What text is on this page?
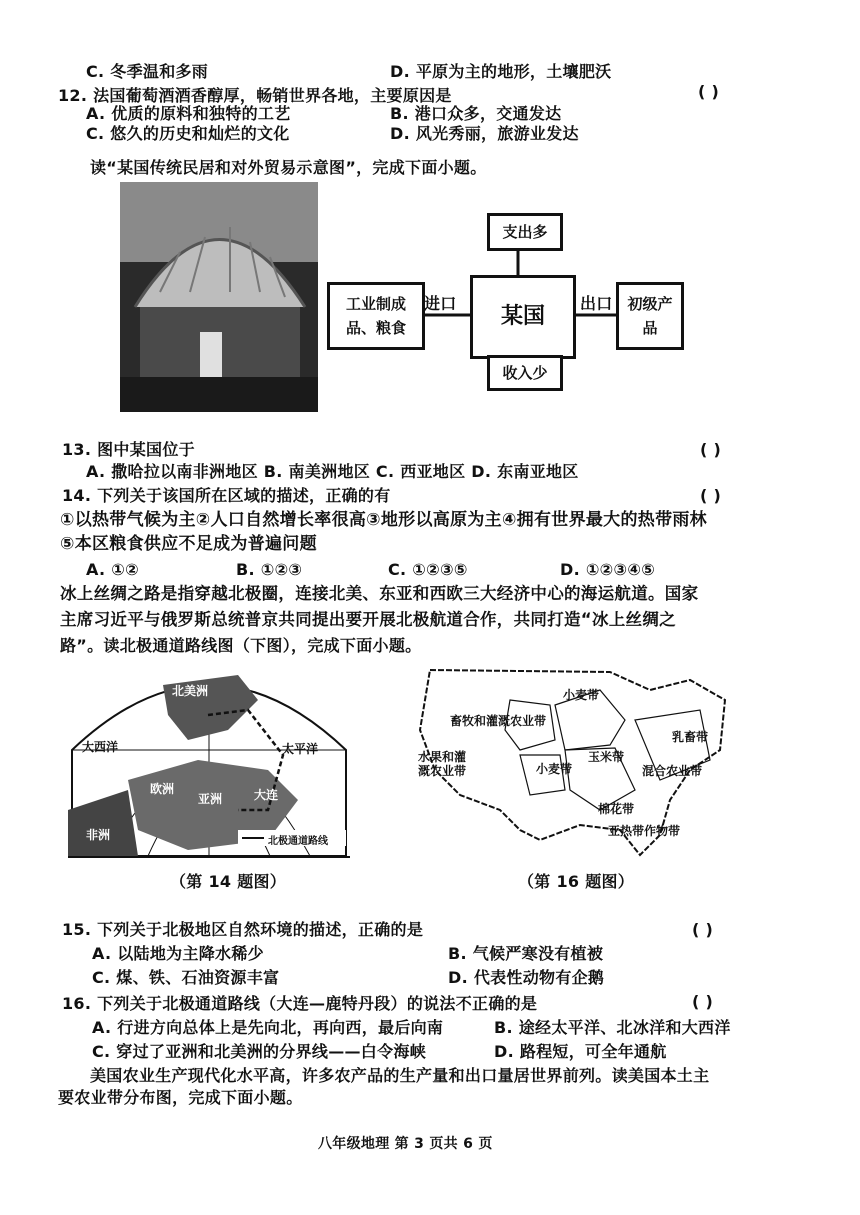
C. 冬季温和多雨	D. 平原为主的地形，土壤肥沃
12. 法国葡萄酒酒香醇厚，畅销世界各地，主要原因是	( )
A. 优质的原料和独特的工艺	B. 港口众多，交通发达
C. 悠久的历史和灿烂的文化	D. 风光秀丽，旅游业发达
读“某国传统民居和对外贸易示意图”，完成下面小题。
支出多
某国
收入少
工业制成品、粮食
进口	出口 初级产品
13. 图中某国位于	( )
A. 撒哈拉以南非洲地区 B. 南美洲地区 C. 西亚地区 D. 东南亚地区
14. 下列关于该国所在区域的描述，正确的有	( )
①以热带气候为主②人口自然增长率很高③地形以高原为主④拥有世界最大的热带雨林
⑤本区粮食供应不足成为普遍问题
A. ①②	B. ①②③	C. ①②③⑤	D. ①②③④⑤
冰上丝绸之路是指穿越北极圈，连接北美、东亚和西欧三大经济中心的海运航道。国家
主席习近平与俄罗斯总统普京共同提出要开展北极航道合作，共同打造“冰上丝绸之
路”。读北极通道路线图（下图），完成下面小题。
北美洲
大西洋
鹿特丹
欧洲
亚洲	大连
太平洋
非洲	北极通道路线
（第 14 题图）
小麦带
畜牧和灌溉农业带
乳畜带
玉米带
水果和灌溉农业带	小麦带	混合农业带
棉花带
亚热带作物带
（第 16 题图）
15. 下列关于北极地区自然环境的描述，正确的是	( )
A. 以陆地为主降水稀少	B. 气候严寒没有植被
C. 煤、铁、石油资源丰富	D. 代表性动物有企鹅
16. 下列关于北极通道路线（大连—鹿特丹段）的说法不正确的是	( )
A. 行进方向总体上是先向北，再向西，最后向南	B. 途经太平洋、北冰洋和大西洋
C. 穿过了亚洲和北美洲的分界线——白令海峡	D. 路程短，可全年通航
美国农业生产现代化水平高，许多农产品的生产量和出口量居世界前列。读美国本土主
要农业带分布图，完成下面小题。
八年级地理 第 3 页共 6 页
